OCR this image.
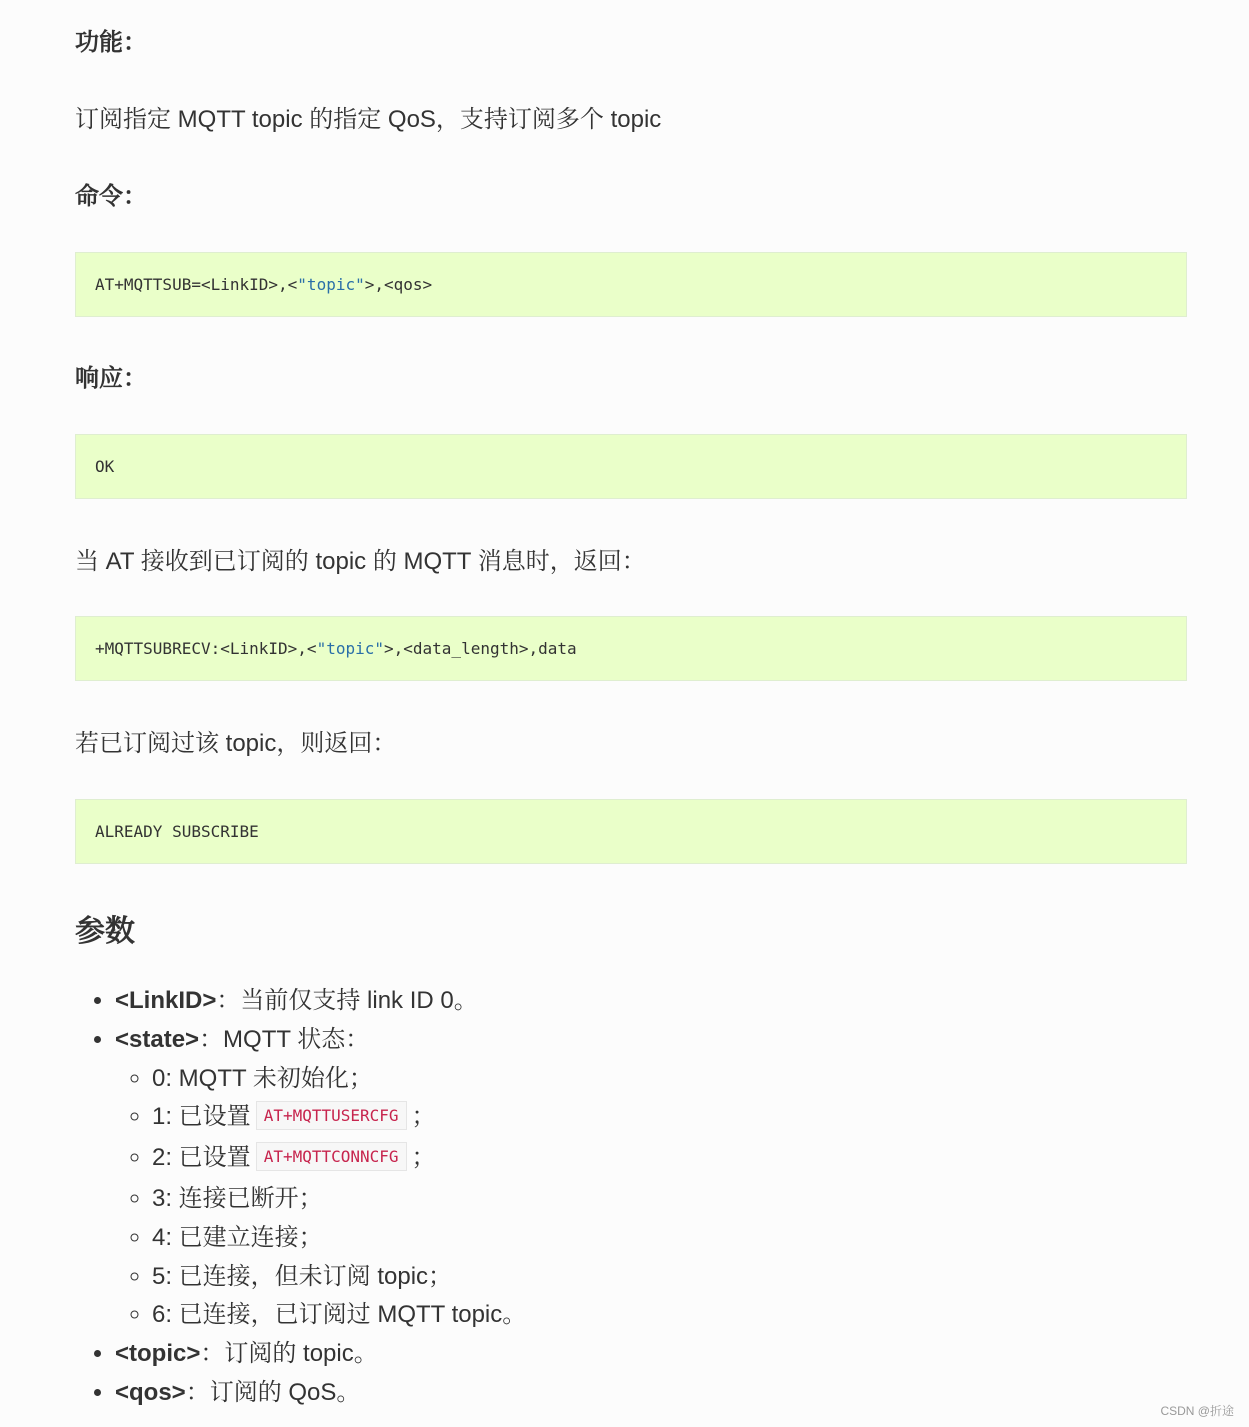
功能：

订阅指定 MQTT topic 的指定 QoS，支持订阅多个 topic

命令：

AT+MQTTSUB=<LinkID>,< "topic" >,<qos>

响应：

OK

当 AT 接收到已订阅的 topic 的 MQTT 消息时，返回：

+MQTTSUBRECV:<LinkID>,< "topic" >,<data_length>,data

若已订阅过该 topic，则返回：

ALREADY SUBSCRIBE
参数
• <LinkID>：当前仅支持 link ID 0。
• <state>：MQTT 状态：
◦ 0: MQTT 未初始化；
◦ 1: 已设置 AT+MQTTUSERCFG ；
◦ 2: 已设置 AT+MQTTCONNCFG ；
◦ 3: 连接已断开；
◦ 4: 已建立连接；
◦ 5: 已连接，但未订阅 topic；
◦ 6: 已连接，已订阅过 MQTT topic。
• <topic>：订阅的 topic。
• <qos>：订阅的 QoS。
CSDN @折途
